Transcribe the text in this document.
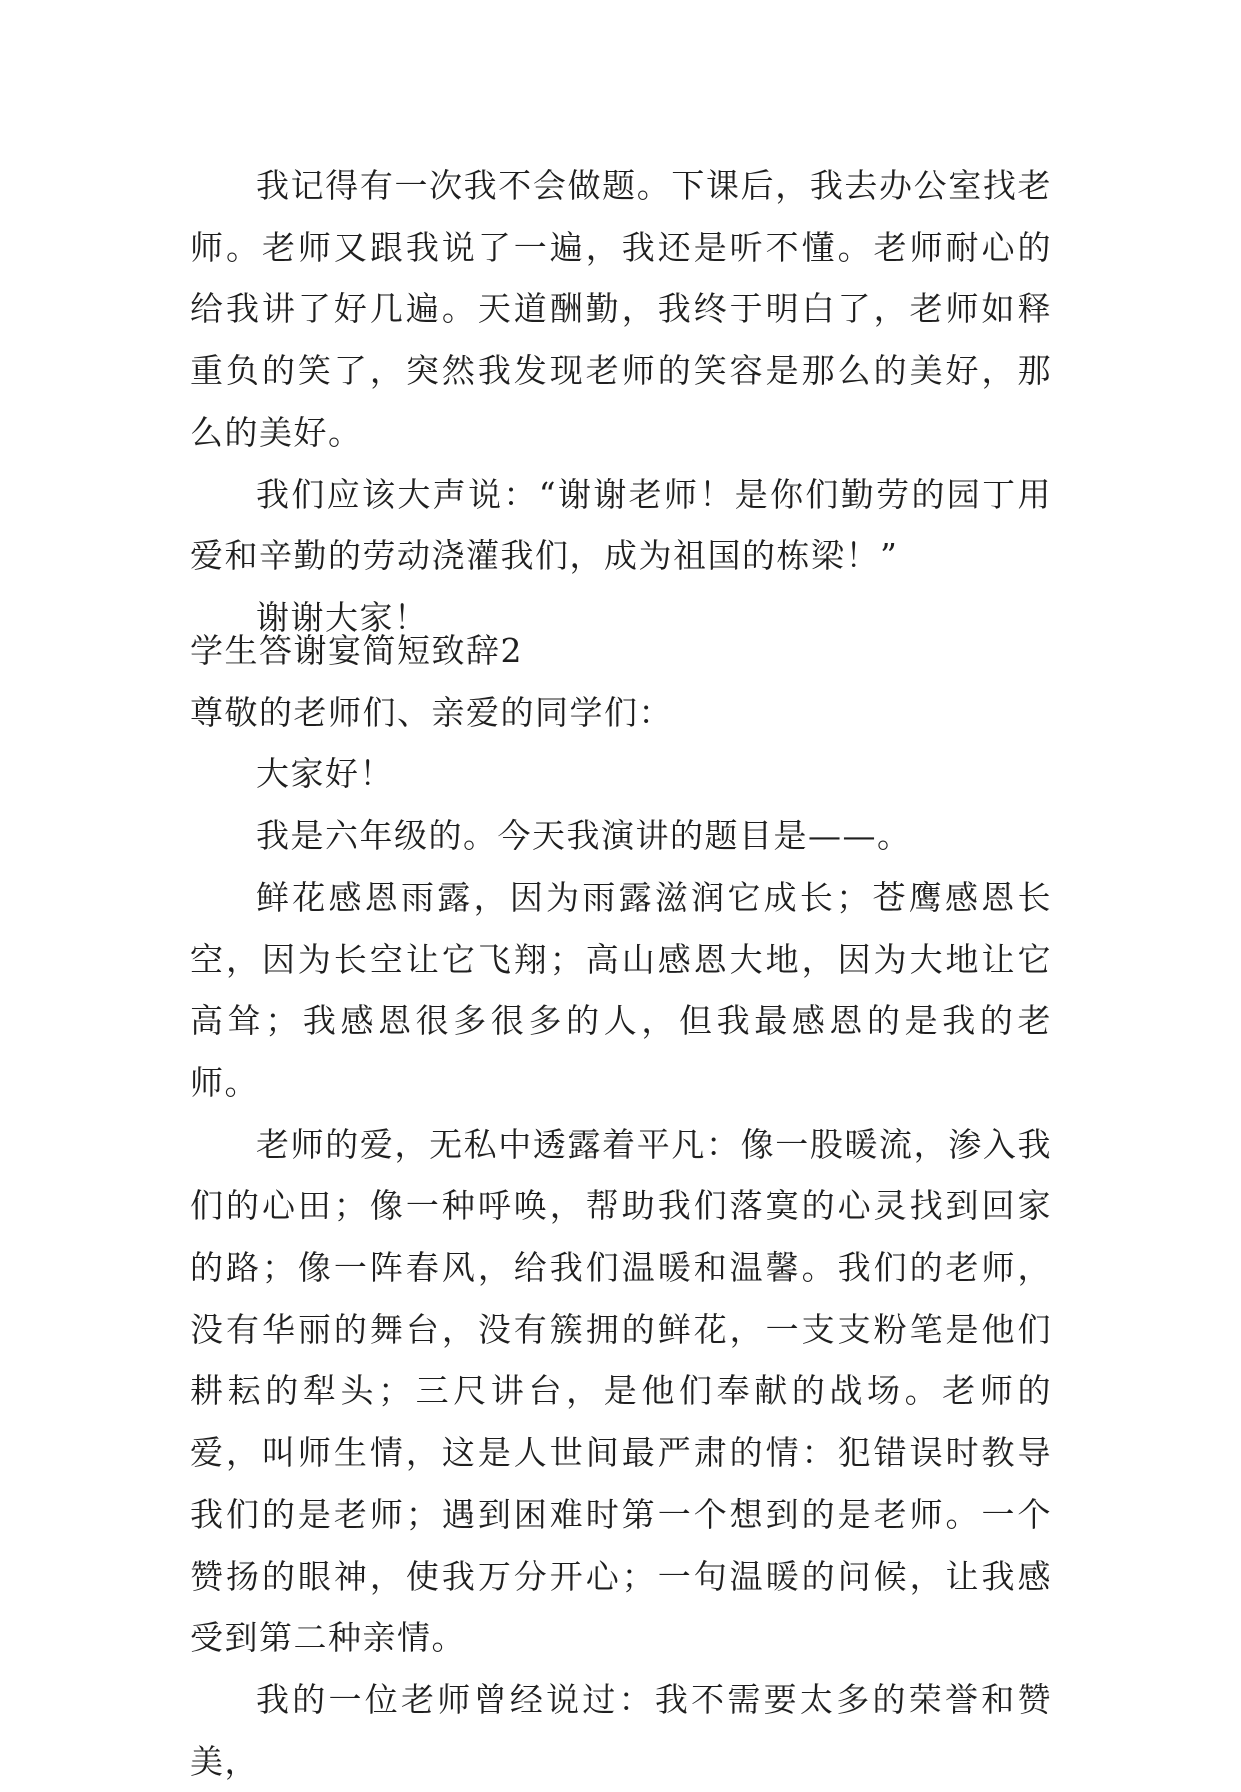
我记得有一次我不会做题。下课后，我去办公室找老师。老师又跟我说了一遍，我还是听不懂。老师耐心的给我讲了好几遍。天道酬勤，我终于明白了，老师如释重负的笑了，突然我发现老师的笑容是那么的美好，那么的美好。

我们应该大声说：“谢谢老师！是你们勤劳的园丁用爱和辛勤的劳动浇灌我们，成为祖国的栋梁！”

谢谢大家！

学生答谢宴简短致辞2

尊敬的老师们、亲爱的同学们：

大家好！

我是六年级的。今天我演讲的题目是——。

鲜花感恩雨露，因为雨露滋润它成长；苍鹰感恩长空，因为长空让它飞翔；高山感恩大地，因为大地让它高耸；我感恩很多很多的人，但我最感恩的是我的老师。

老师的爱，无私中透露着平凡：像一股暖流，渗入我们的心田；像一种呼唤，帮助我们落寞的心灵找到回家的路；像一阵春风，给我们温暖和温馨。我们的老师，没有华丽的舞台，没有簇拥的鲜花，一支支粉笔是他们耕耘的犁头；三尺讲台，是他们奉献的战场。老师的爱，叫师生情，这是人世间最严肃的情：犯错误时教导我们的是老师；遇到困难时第一个想到的是老师。一个赞扬的眼神，使我万分开心；一句温暖的问候，让我感受到第二种亲情。

我的一位老师曾经说过：我不需要太多的荣誉和赞美，
